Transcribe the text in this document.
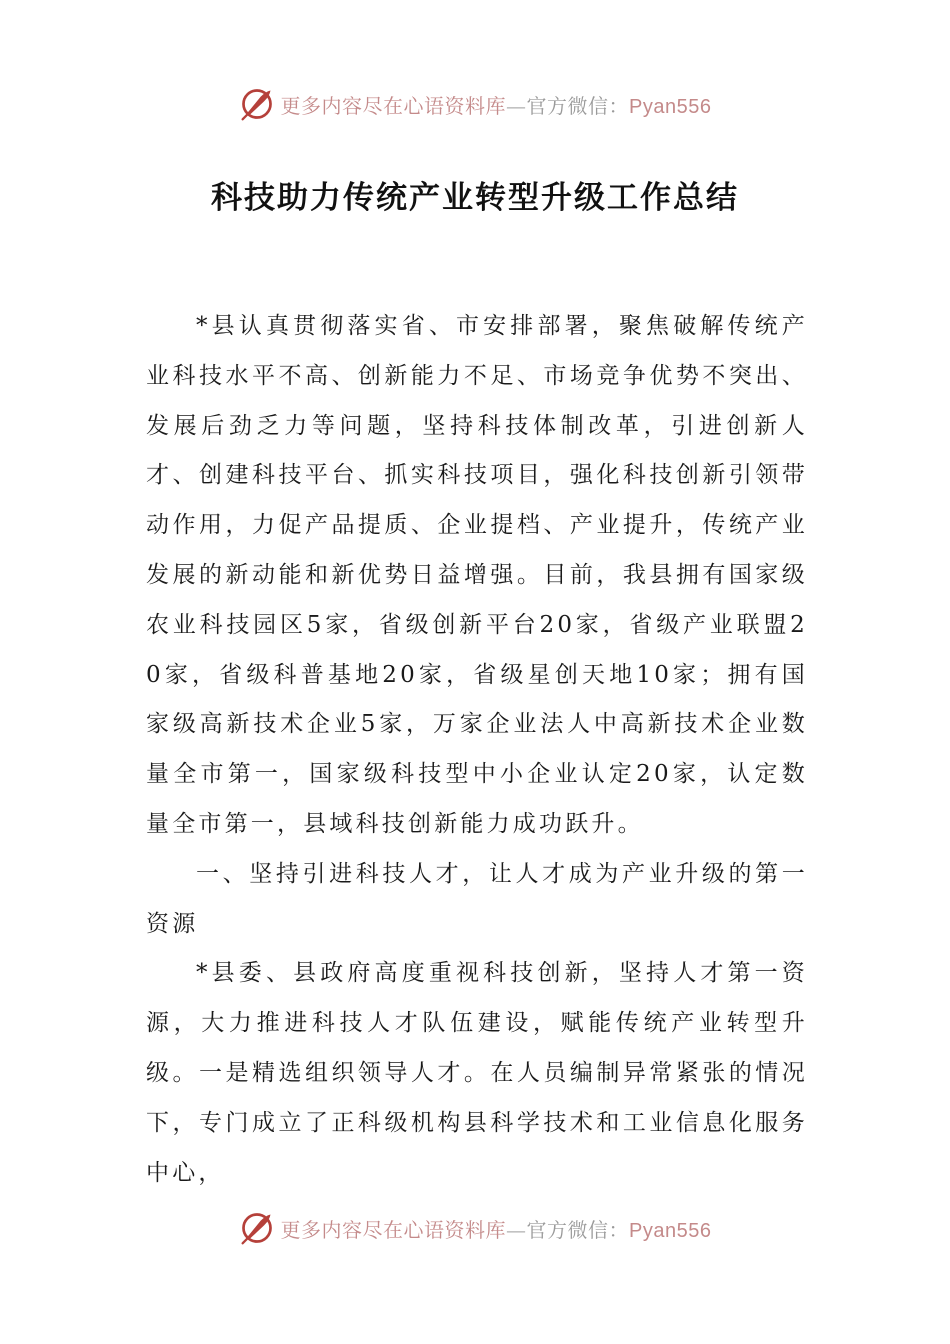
更多内容尽在心语资料库—官方微信：Pyan556
科技助力传统产业转型升级工作总结

*县认真贯彻落实省、市安排部署，聚焦破解传统产业科技水平不高、创新能力不足、市场竞争优势不突出、发展后劲乏力等问题，坚持科技体制改革，引进创新人才、创建科技平台、抓实科技项目，强化科技创新引领带动作用，力促产品提质、企业提档、产业提升，传统产业发展的新动能和新优势日益增强。目前，我县拥有国家级农业科技园区5家，省级创新平台20家，省级产业联盟20家，省级科普基地20家，省级星创天地10家；拥有国家级高新技术企业5家，万家企业法人中高新技术企业数量全市第一，国家级科技型中小企业认定20家，认定数量全市第一，县域科技创新能力成功跃升。

一、坚持引进科技人才，让人才成为产业升级的第一资源

*县委、县政府高度重视科技创新，坚持人才第一资源，大力推进科技人才队伍建设，赋能传统产业转型升级。一是精选组织领导人才。在人员编制异常紧张的情况下，专门成立了正科级机构县科学技术和工业信息化服务中心，

更多内容尽在心语资料库—官方微信：Pyan556
